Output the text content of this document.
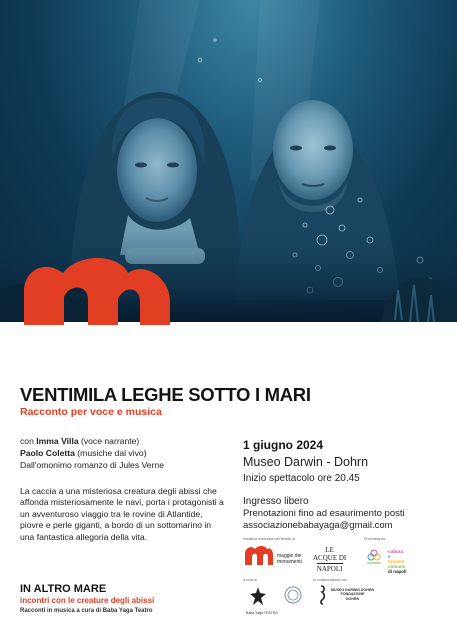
VENTIMILA LEGHE SOTTO I MARI
Racconto per voce e musica
con Imma Villa (voce narrante)
Paolo Coletta (musiche dal vivo)
Dall'omonimo romanzo di Jules Verne
La caccia a una misteriosa creatura degli abissi che affonda misteriosamente le navi, porta i protagonisti a un avventuroso viaggio tra le rovine di Atlantide, piovre e perle giganti, a bordo di un sottomarino in una fantastica allegoria della vita.
IN ALTRO MARE
incontri con le creature degli abissi
Racconti in musica a cura di Baba Yaga Teatro
1 giugno 2024
Museo Darwin - Dohrn
Inizio spettacolo ore 20.45
Ingresso libero
Prenotazioni fino ad esaurimento posti
associazionebabayaga@gmail.com
Iniziativa realizzata nell'ambito di
maggio dei
monumenti
LE
ACQUE DI
NAPOLI
Promossa da
cultura
e
turismo
comune
di napoli
a cura di
Baba Yaga TEATRO
In collaborazione con
MUSEO DARWIN DOHRN
FONDAZIONE
DOHRN
